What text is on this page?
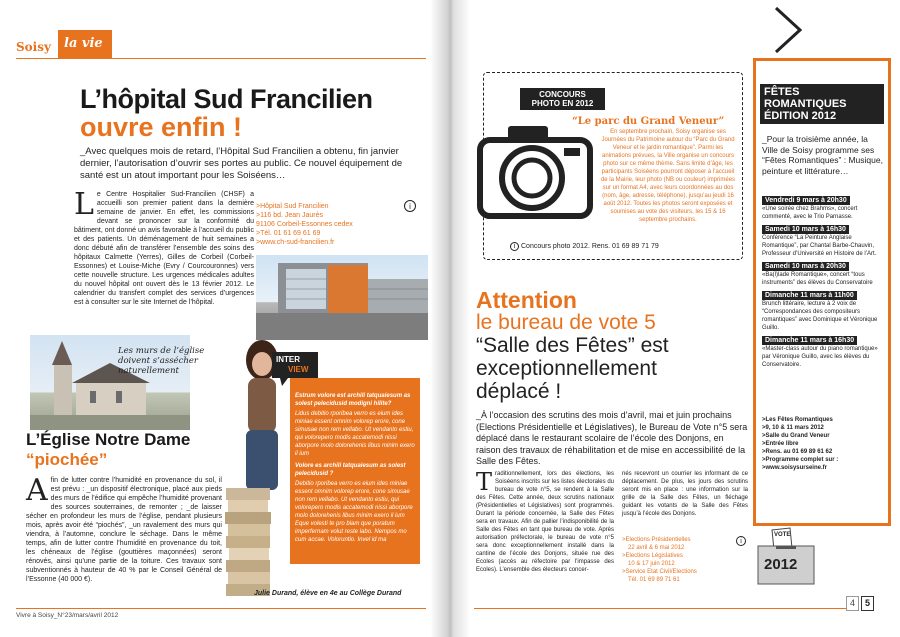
Soisy	la vie
L’hôpital Sud Francilien
ouvre enfin !
_Avec quelques mois de retard, l’Hôpital Sud Francilien a obtenu, fin janvier dernier, l’autorisation d’ouvrir ses portes au public. Ce nouvel équipement de santé est un atout important pour les Soiséens…
L e Centre Hospitalier Sud-Francilien (CHSF) a accueilli son premier patient dans la dernière semaine de janvier. En effet, les commissions devant se prononcer sur la conformité du bâtiment, ont donné un avis favorable à l’accueil du public et des patients. Un déménagement de huit semaines a donc débuté afin de transférer l’ensemble des soins des hôpitaux Calmette (Yerres), Gilles de Corbeil (Corbeil-Essonnes) et Louise-Miche (Evry / Courcouronnes) vers cette nouvelle structure. Les urgences médicales adultes du nouvel hôpital ont ouvert dès le 13 février 2012. Le calendrier du transfert complet des services d’urgences est à consulter sur le site Internet de l’hôpital.
i
>Hôpital Sud Francilien
>116 bd. Jean Jaurès
91106 Corbeil-Essonnes cedex
>Tél. 01 61 69 61 69
>www.ch-sud-francilien.fr
Les murs de l’église doivent s’assécher naturellement
L’Église Notre Dame
“piochée”
A fin de lutter contre l’humidité en provenance du sol, il est prévu : _un dispositif électronique, placé aux pieds des murs de l’édifice qui empêche l’humidité provenant des sources souterraines, de remonter ; _de laisser sécher en profondeur les murs de l’église, pendant plusieurs mois, après avoir été “piochés”, _un ravalement des murs qui viendra, à l’automne, conclure le séchage. Dans le même temps, afin de lutter contre l’humidité en provenance du toit, les chéneaux de l’église (gouttières maçonnées) seront rénovés, ainsi qu’une partie de la toiture. Ces travaux sont subventionnés à hauteur de 40 % par le Conseil Général de l’Essonne (40 000 €).
INTER
VIEW
Estrum volore est archili tatquaiesum as solest pelecidusid modigni hilite?
Lidus debitio rporibea verro es eium ides miniae essent omnim volorep erore, cone simusae non rem vellabo. Ut vendanto estiu, qui volorepero modis accatemodi nissi aborpore molo dolorehenis libus minim exero il ium
Volore es archili tatquaiesum as solest pelecidusid ?
Debitio rporibea verro es eium ides miniae essent omnim volorep erore, cone simusae non rem vellabo. Ut vendanto estiu, qui volorepero modis accatemodi nissi aborpore molo dolorehenis libus minim exero il ium Eque volesti te pro blam que poratum imperfernam volut reste labo. Nempos mo cum accae. Voloruntio. Invel id ma
Julie Durand, élève en 4e au Collège Durand
Vivre à Soisy_N°23/mars/avril 2012
CONCOURS PHOTO EN 2012
“Le parc du Grand Veneur”
En septembre prochain, Soisy organise ses Journées du Patrimoine autour du “Parc du Grand Veneur et le jardin romantique”. Parmi les animations prévues, la Ville organise un concours photo sur ce même thème. Sans limite d’âge, les participants Soiséens pourront déposer à l’accueil de la Mairie, leur photo (NB ou couleur) imprimées sur un format A4, avec leurs coordonnées au dos (nom, âge, adresse, téléphone), jusqu’au jeudi 16 août 2012. Toutes les photos seront exposées et soumises au vote des visiteurs, les 15 & 16 septembre prochains.
i Concours photo 2012. Rens. 01 69 89 71 79
Attention
le bureau de vote 5
“Salle des Fêtes” est
exceptionnellement
déplacé !
_À l’occasion des scrutins des mois d’avril, mai et juin prochains (Elections Présidentielle et Législatives), le Bureau de Vote n°5 sera déplacé dans le restaurant scolaire de l’école des Donjons, en raison des travaux de réhabilitation et de mise en accessibilité de la Salle des Fêtes.
T raditionnellement, lors des élections, les Soiséens inscrits sur les listes électorales du bureau de vote n°5, se rendent à la Salle des Fêtes. Cette année, deux scrutins nationaux (Présidentielles et Législatives) sont programmés. Durant la période concernée, la Salle des Fêtes sera en travaux. Afin de pallier l’indisponibilité de la Salle des Fêtes en tant que bureau de vote. Après autorisation préfectorale, le bureau de vote n°5 sera donc exceptionnellement installé dans la cantine de l’école des Donjons, située rue des Ecoles (accès au réfectoire par l’impasse des Ecoles). L’ensemble des électeurs concer-
nés recevront un courrier les informant de ce déplacement. De plus, les jours des scrutins seront mis en place : une information sur la grille de la Salle des Fêtes, un fléchage guidant les votants de la Salle des Fêtes jusqu’à l’école des Donjons.
i
>Elections Présidentielles
22 avril & 6 mai 2012
>Elections Législatives
10 & 17 juin 2012
>Service Etat Civil/Elections
Tél. 01 69 89 71 61
FÊTES
ROMANTIQUES
ÉDITION 2012
_Pour la troisième année, la Ville de Soisy programme ses “Fêtes Romantiques” : Musique, peinture et littérature…
Vendredi 9 mars à 20h30
«Une soirée chez Brahms», concert commenté, avec le Trio Parnasse.
Samedi 10 mars à 16h30
Conférence “La Peinture Anglaise Romantique”, par Chantal Barbe-Chauvin, Professeur d’Université en Histoire de l’Art.
Samedi 10 mars à 20h30
«Ba(l)lade Romantique», concert “tous instruments” des élèves du Conservatoire
Dimanche 11 mars à 11h00
Brunch littéraire, lecture à 2 voix de “Correspondances des compositeurs romantiques” avec Dominique et Véronique Guillo.
Dimanche 11 mars à 16h30
«Master-class autour du piano romantique» par Véronique Guillo, avec les élèves du Conservatoire.
>Les Fêtes Romantiques
>9, 10 & 11 mars 2012
>Salle du Grand Veneur
>Entrée libre
>Rens. au 01 69 89 61 62
>Programme complet sur :
>www.soisysurseine.fr
VOTE
2012
4	5
